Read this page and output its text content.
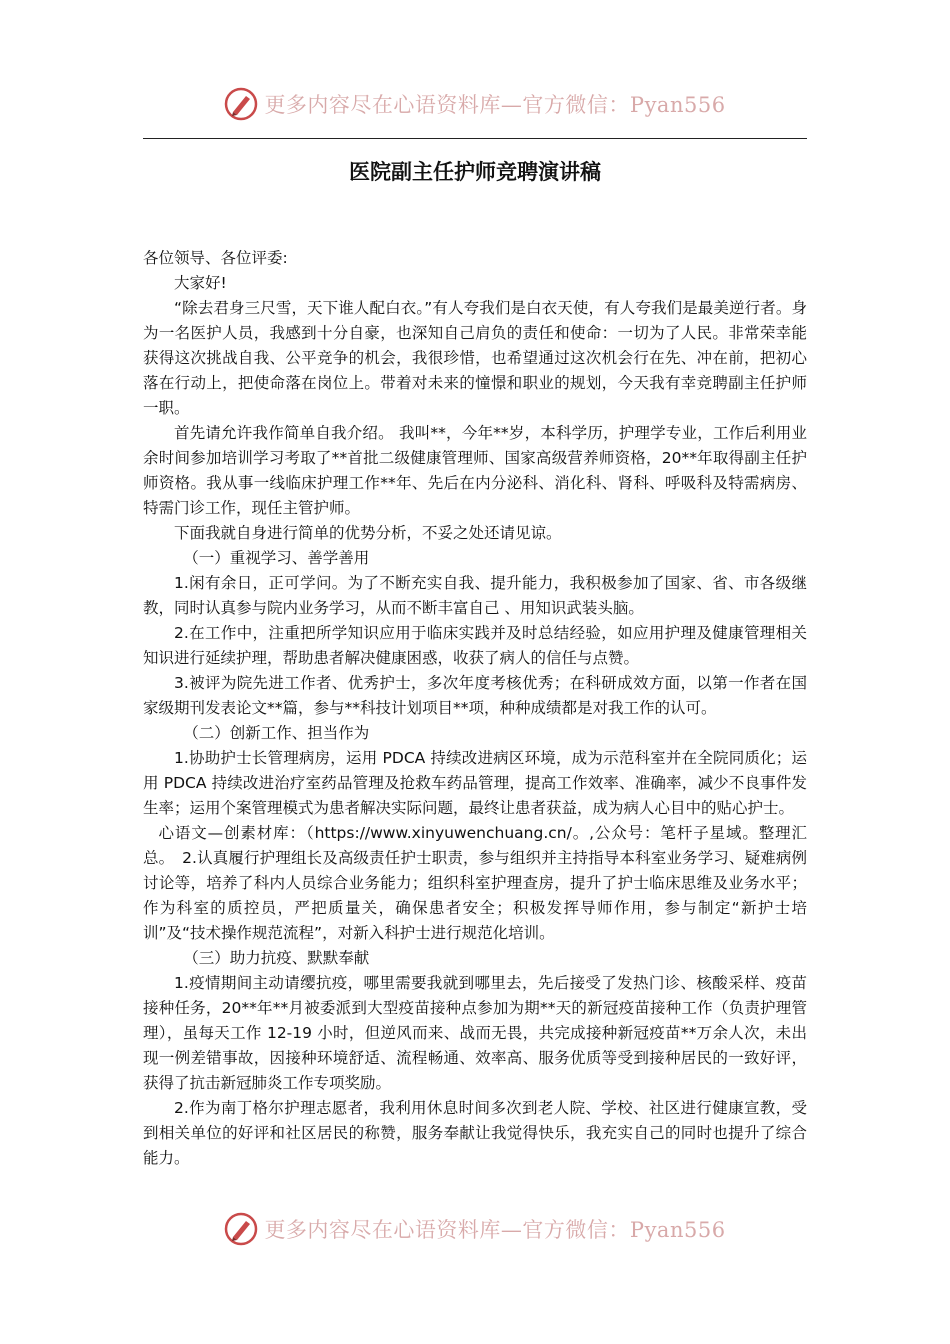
更多内容尽在心语资料库—官方微信：Pyan556
医院副主任护师竞聘演讲稿

各位领导、各位评委:

大家好!

“除去君身三尺雪，天下谁人配白衣。”有人夸我们是白衣天使，有人夸我们是最美逆行者。身为一名医护人员，我感到十分自豪，也深知自己肩负的责任和使命：一切为了人民。非常荣幸能获得这次挑战自我、公平竞争的机会，我很珍惜，也希望通过这次机会行在先、冲在前，把初心落在行动上，把使命落在岗位上。带着对未来的憧憬和职业的规划，今天我有幸竞聘副主任护师一职。

首先请允许我作简单自我介绍。 我叫**，今年**岁，本科学历，护理学专业，工作后利用业余时间参加培训学习考取了**首批二级健康管理师、国家高级营养师资格，20**年取得副主任护师资格。我从事一线临床护理工作**年、先后在内分泌科、消化科、肾科、呼吸科及特需病房、特需门诊工作，现任主管护师。

下面我就自身进行简单的优势分析，不妥之处还请见谅。

（一）重视学习、善学善用

1.闲有余日，正可学问。为了不断充实自我、提升能力，我积极参加了国家、省、市各级继教，同时认真参与院内业务学习，从而不断丰富自己 、用知识武装头脑。

2.在工作中，注重把所学知识应用于临床实践并及时总结经验，如应用护理及健康管理相关知识进行延续护理，帮助患者解决健康困惑，收获了病人的信任与点赞。

3.被评为院先进工作者、优秀护士，多次年度考核优秀；在科研成效方面，以第一作者在国家级期刊发表论文**篇，参与**科技计划项目**项，种种成绩都是对我工作的认可。

（二）创新工作、担当作为

1.协助护士长管理病房，运用 PDCA 持续改进病区环境，成为示范科室并在全院同质化；运用 PDCA 持续改进治疗室药品管理及抢救车药品管理，提高工作效率、准确率，减少不良事件发生率；运用个案管理模式为患者解决实际问题，最终让患者获益，成为病人心目中的贴心护士。

心语文—创素材库：（https://www.xinyuwenchuang.cn/。,公众号：笔杆子星域。整理汇总。　2.认真履行护理组长及高级责任护士职责，参与组织并主持指导本科室业务学习、疑难病例讨论等，培养了科内人员综合业务能力；组织科室护理查房，提升了护士临床思维及业务水平；作为科室的质控员，严把质量关，确保患者安全；积极发挥导师作用，参与制定“新护士培训”及“技术操作规范流程”，对新入科护士进行规范化培训。

（三）助力抗疫、默默奉献

1.疫情期间主动请缨抗疫，哪里需要我就到哪里去，先后接受了发热门诊、核酸采样、疫苗接种任务，20**年**月被委派到大型疫苗接种点参加为期**天的新冠疫苗接种工作（负责护理管理），虽每天工作 12-19 小时，但逆风而来、战而无畏，共完成接种新冠疫苗**万余人次，未出现一例差错事故，因接种环境舒适、流程畅通、效率高、服务优质等受到接种居民的一致好评，获得了抗击新冠肺炎工作专项奖励。

2.作为南丁格尔护理志愿者，我利用休息时间多次到老人院、学校、社区进行健康宣教，受到相关单位的好评和社区居民的称赞，服务奉献让我觉得快乐，我充实自己的同时也提升了综合能力。

更多内容尽在心语资料库—官方微信：Pyan556
